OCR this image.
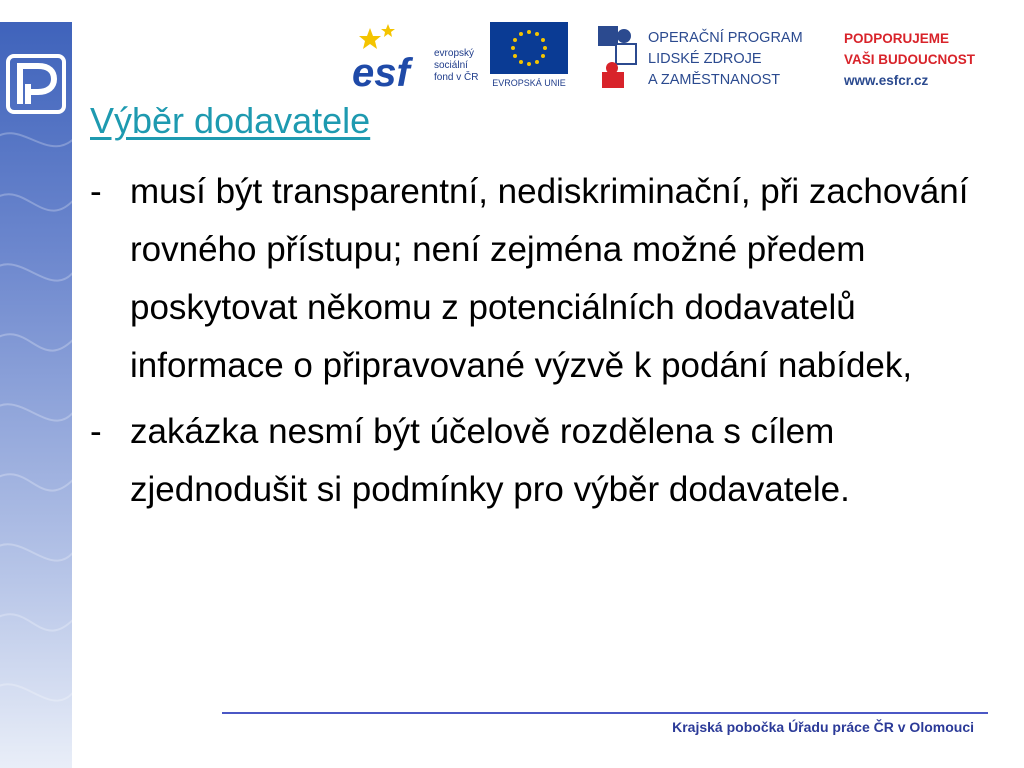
esf	evropský
sociální
fond v ČR	EVROPSKÁ UNIE
OPERAČNÍ PROGRAM
LIDSKÉ ZDROJE
A ZAMĚSTNANOST
PODPORUJEME
VAŠI BUDOUCNOST
www.esfcr.cz
Výběr dodavatele
- musí být transparentní, nediskriminační, při zachování rovného přístupu; není zejména možné předem poskytovat někomu z potenciálních dodavatelů informace o připravované výzvě k podání nabídek,
- zakázka nesmí být účelově rozdělena s cílem zjednodušit si podmínky pro výběr dodavatele.
Krajská pobočka Úřadu práce ČR v Olomouci
